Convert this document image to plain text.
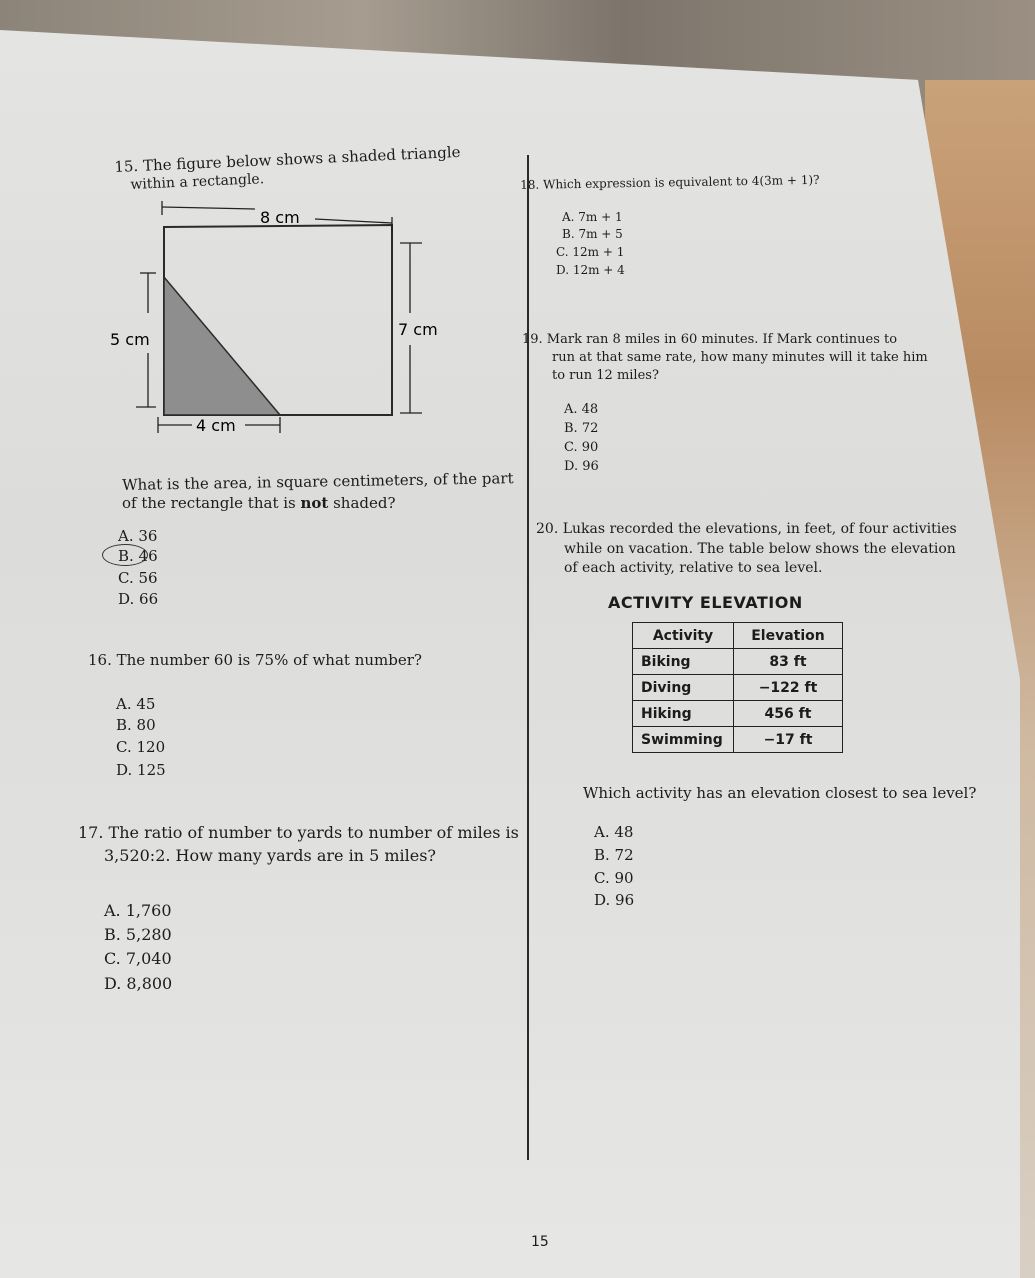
15. The figure below shows a shaded triangle
within a rectangle.
8 cm
7 cm
5 cm
4 cm
What is the area, in square centimeters, of the part
of the rectangle that is not shaded?
A. 36
B. 46
C. 56
D. 66
16. The number 60 is 75% of what number?
A. 45
B. 80
C. 120
D. 125
17. The ratio of number to yards to number of miles is
3,520:2. How many yards are in 5 miles?
A. 1,760
B. 5,280
C. 7,040
D. 8,800
18. Which expression is equivalent to 4(3m + 1)?
A. 7m + 1
B. 7m + 5
C. 12m + 1
D. 12m + 4
19. Mark ran 8 miles in 60 minutes. If Mark continues to
run at that same rate, how many minutes will it take him
to run 12 miles?
A. 48
B. 72
C. 90
D. 96
20. Lukas recorded the elevations, in feet, of four activities
while on vacation. The table below shows the elevation
of each activity, relative to sea level.
ACTIVITY ELEVATION
Activity	Elevation
Biking	83 ft
Diving	−122 ft
Hiking	456 ft
Swimming	−17 ft
Which activity has an elevation closest to sea level?
A. 48
B. 72
C. 90
D. 96
15
